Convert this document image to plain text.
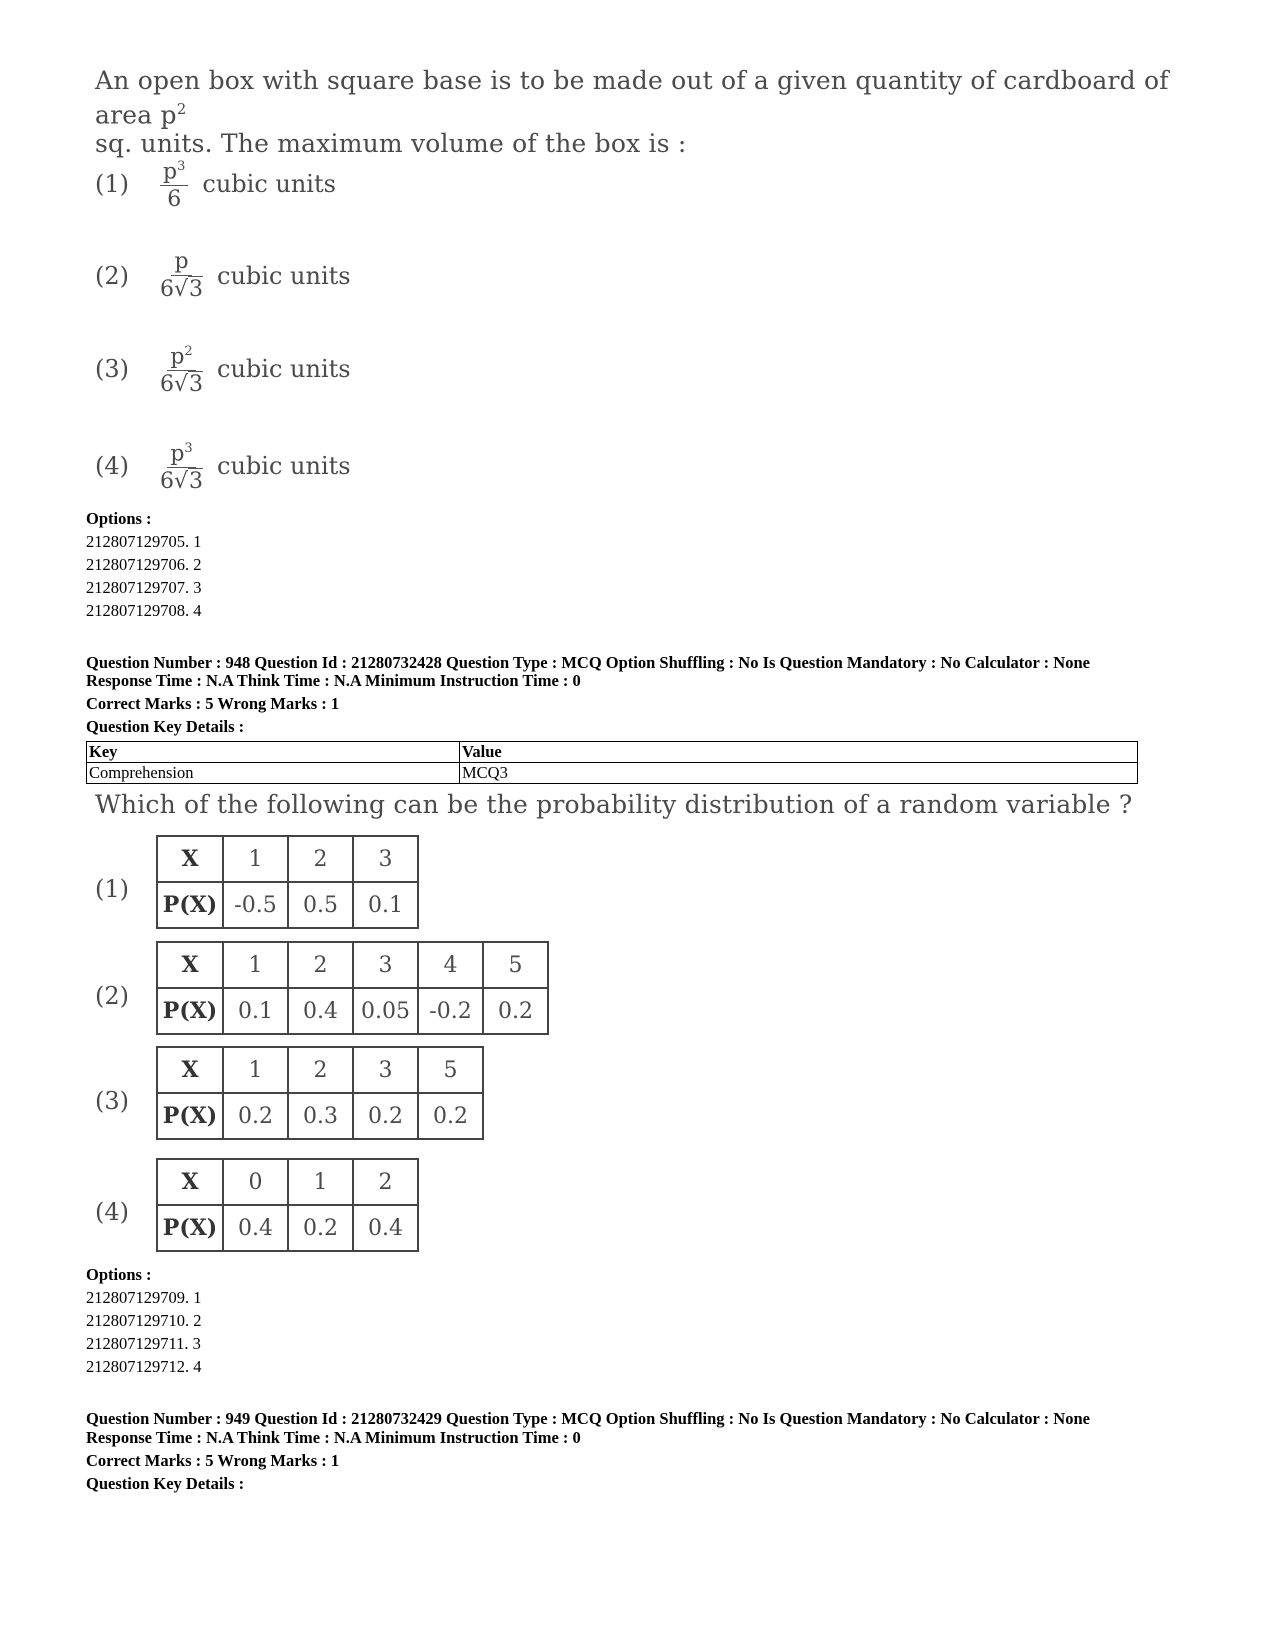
An open box with square base is to be made out of a given quantity of cardboard of area $p^2$
sq. units. The maximum volume of the box is :
(1)	$\frac{p^3}{6}$ cubic units
(2)	$\frac{p}{6√3}$ cubic units
(3)	$\frac{p^2}{6√3}$ cubic units
(4)	$\frac{p^3}{6√3}$ cubic units
Options :
212807129705. 1
212807129706. 2
212807129707. 3
212807129708. 4
Question Number : 948 Question Id : 21280732428 Question Type : MCQ Option Shuffling : No Is Question Mandatory : No Calculator : None
Response Time : N.A Think Time : N.A Minimum Instruction Time : 0
Correct Marks : 5 Wrong Marks : 1
Question Key Details :
Key	Value
Comprehension	MCQ3
Which of the following can be the probability distribution of a random variable ?
(1)
X	1	2	3
P(X)	-0.5	0.5	0.1
(2)
X	1	2	3	4	5
P(X)	0.1	0.4	0.05	-0.2	0.2
(3)
X	1	2	3	5
P(X)	0.2	0.3	0.2	0.2
(4)
X	0	1	2
P(X)	0.4	0.2	0.4
Options :
212807129709. 1
212807129710. 2
212807129711. 3
212807129712. 4
Question Number : 949 Question Id : 21280732429 Question Type : MCQ Option Shuffling : No Is Question Mandatory : No Calculator : None
Response Time : N.A Think Time : N.A Minimum Instruction Time : 0
Correct Marks : 5 Wrong Marks : 1
Question Key Details :
